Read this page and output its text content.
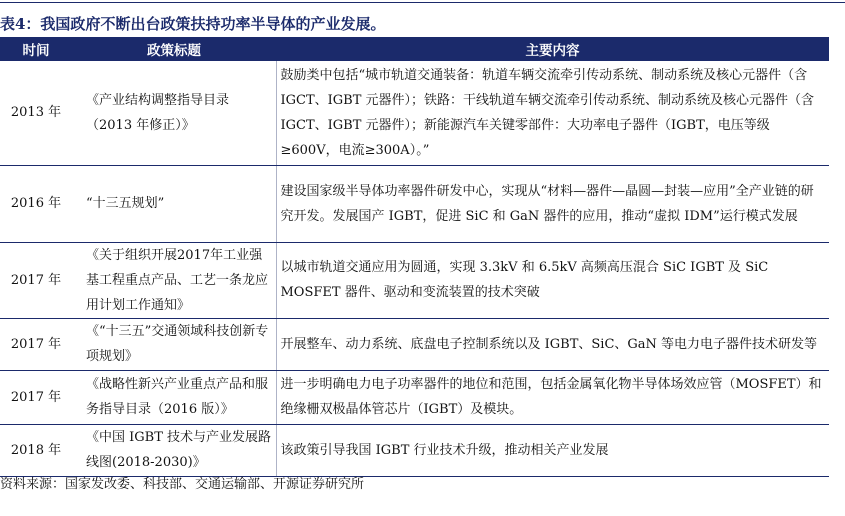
表4：我国政府不断出台政策扶持功率半导体的产业发展。
时间	政策标题	主要内容
2013 年	《产业结构调整指导目录（2013 年修正）》	鼓励类中包括“城市轨道交通装备：轨道车辆交流牵引传动系统、制动系统及核心元器件（含 IGCT、IGBT 元器件）；铁路：干线轨道车辆交流牵引传动系统、制动系统及核心元器件（含 IGCT、IGBT 元器件）；新能源汽车关键零部件：大功率电子器件（IGBT，电压等级≥600V，电流≥300A）。”
2016 年	“十三五规划”	建设国家级半导体功率器件研发中心，实现从“材料—器件—晶圆—封装—应用”全产业链的研究开发。发展国产 IGBT，促进 SiC 和 GaN 器件的应用，推动“虚拟 IDM”运行模式发展
2017 年	《关于组织开展2017年工业强基工程重点产品、工艺一条龙应用计划工作通知》	以城市轨道交通应用为圆通，实现 3.3kV 和 6.5kV 高频高压混合 SiC IGBT 及 SiC MOSFET 器件、驱动和变流装置的技术突破
2017 年	《“十三五”交通领域科技创新专项规划》	开展整车、动力系统、底盘电子控制系统以及 IGBT、SiC、GaN 等电力电子器件技术研发等
2017 年	《战略性新兴产业重点产品和服务指导目录（2016 版）》	进一步明确电力电子功率器件的地位和范围，包括金属氧化物半导体场效应管（MOSFET）和绝缘栅双极晶体管芯片（IGBT）及模块。
2018 年	《中国 IGBT 技术与产业发展路线图(2018-2030)》	该政策引导我国 IGBT 行业技术升级，推动相关产业发展
资料来源：国家发改委、科技部、交通运输部、开源证券研究所
